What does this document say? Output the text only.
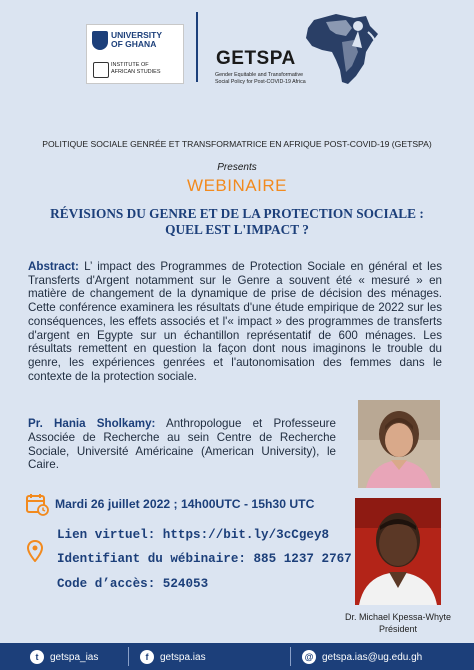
UNIVERSITY
OF GHANA
INSTITUTE OF
AFRICAN STUDIES
GETSPA
Gender Equitable and Transformative
Social Policy for Post-COVID-19 Africa
POLITIQUE SOCIALE GENRÉE ET TRANSFORMATRICE EN AFRIQUE POST-COVID-19 (GETSPA)
Presents
WEBINAIRE
RÉVISIONS DU GENRE ET DE LA PROTECTION SOCIALE :
QUEL EST L'IMPACT ?
Abstract: L’ impact des Programmes de Protection Sociale en général et les Transferts d'Argent notamment sur le Genre a souvent été « mesuré » en matière de changement de la dynamique de prise de décision des ménages. Cette conférence examinera les résultats d'une étude empirique de 2022 sur les conséquences, les effets associés et l'« impact » des programmes de transferts d'argent en Egypte sur un échantillon représentatif de 600 ménages. Les résultats remettent en question la façon dont nous imaginons le trouble du genre, les expériences genrées et l'autonomisation des femmes dans le contexte de la protection sociale.
Pr. Hania Sholkamy: Anthropologue et Professeure Associée de Recherche au sein Centre de Recherche Sociale, Université Américaine (American University), le Caire.
Mardi 26 juillet 2022 ; 14h00UTC - 15h30 UTC
Lien virtuel: https://bit.ly/3cCgey8
Identifiant du wébinaire: 885 1237 2767
Code d’accès: 524053
Dr. Michael Kpessa-Whyte
Président
t	getspa_ias	f	getspa.ias	@ getspa.ias@ug.edu.gh
